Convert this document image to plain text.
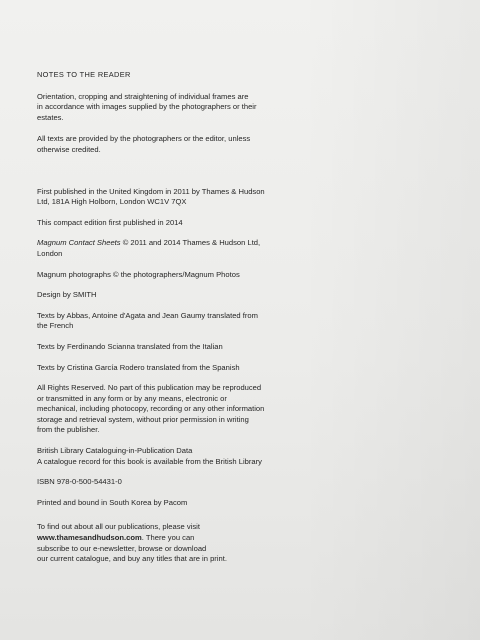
NOTES TO THE READER
Orientation, cropping and straightening of individual frames are
in accordance with images supplied by the photographers or their
estates.
All texts are provided by the photographers or the editor, unless
otherwise credited.
First published in the United Kingdom in 2011 by Thames & Hudson
Ltd, 181A High Holborn, London WC1V 7QX
This compact edition first published in 2014
Magnum Contact Sheets © 2011 and 2014 Thames & Hudson Ltd,
London
Magnum photographs © the photographers/Magnum Photos
Design by SMITH
Texts by Abbas, Antoine d'Agata and Jean Gaumy translated from
the French
Texts by Ferdinando Scianna translated from the Italian
Texts by Cristina García Rodero translated from the Spanish
All Rights Reserved. No part of this publication may be reproduced
or transmitted in any form or by any means, electronic or
mechanical, including photocopy, recording or any other information
storage and retrieval system, without prior permission in writing
from the publisher.
British Library Cataloguing-in-Publication Data
A catalogue record for this book is available from the British Library
ISBN 978-0-500-54431-0
Printed and bound in South Korea by Pacom
To find out about all our publications, please visit
www.thamesandhudson.com. There you can
subscribe to our e-newsletter, browse or download
our current catalogue, and buy any titles that are in print.
